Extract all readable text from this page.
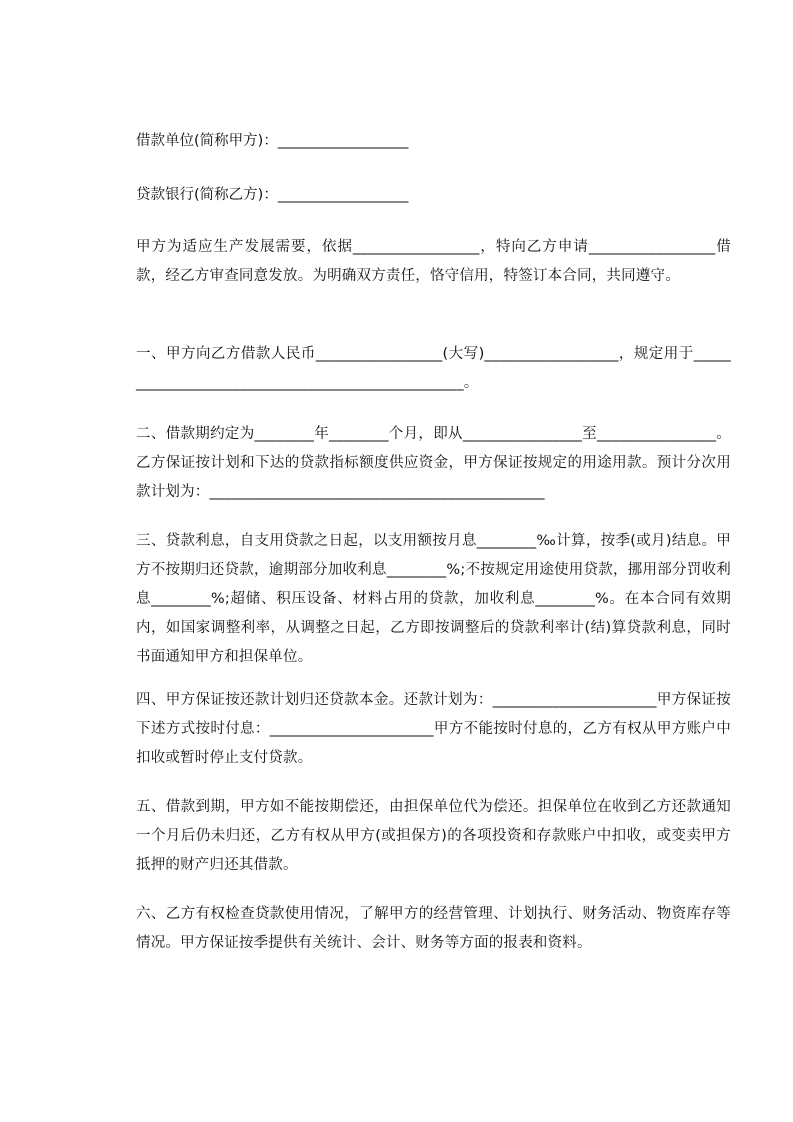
借款单位(简称甲方)：__________________

贷款银行(简称乙方)：__________________

甲方为适应生产发展需要，依据_________________，特向乙方申请_________________借款，经乙方审查同意发放。为明确双方责任，恪守信用，特签订本合同，共同遵守。

一、甲方向乙方借款人民币_________________(大写)__________________，规定用于_________________________________________________。

二、借款期约定为________年________个月，即从________________至________________。乙方保证按计划和下达的贷款指标额度供应资金，甲方保证按规定的用途用款。预计分次用款计划为：_____________________________________________

三、贷款利息，自支用贷款之日起，以支用额按月息________‰计算，按季(或月)结息。甲方不按期归还贷款，逾期部分加收利息________%;不按规定用途使用贷款，挪用部分罚收利息________%;超储、积压设备、材料占用的贷款，加收利息________%。在本合同有效期内，如国家调整利率，从调整之日起，乙方即按调整后的贷款利率计(结)算贷款利息，同时书面通知甲方和担保单位。

四、甲方保证按还款计划归还贷款本金。还款计划为：______________________甲方保证按下述方式按时付息：______________________甲方不能按时付息的，乙方有权从甲方账户中扣收或暂时停止支付贷款。

五、借款到期，甲方如不能按期偿还，由担保单位代为偿还。担保单位在收到乙方还款通知一个月后仍未归还，乙方有权从甲方(或担保方)的各项投资和存款账户中扣收，或变卖甲方抵押的财产归还其借款。

六、乙方有权检查贷款使用情况，了解甲方的经营管理、计划执行、财务活动、物资库存等情况。甲方保证按季提供有关统计、会计、财务等方面的报表和资料。
